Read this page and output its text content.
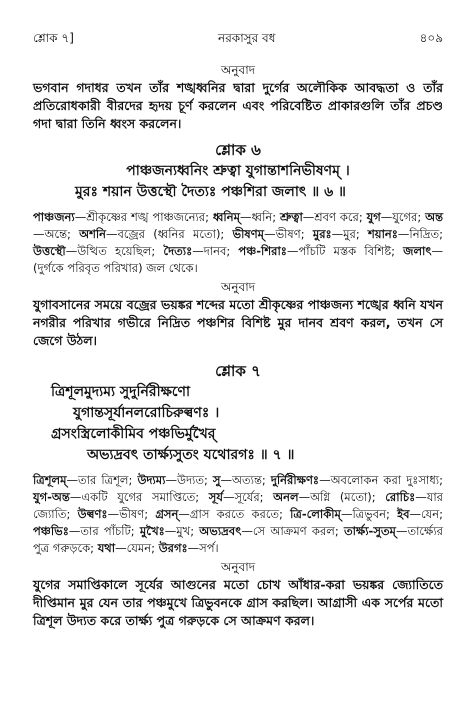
শ্লোক ৭]	নরকাসুর বধ	৪০৯

অনুবাদ

ভগবান গদাধর তখন তাঁর শঙ্খধ্বনির দ্বারা দুর্গের অলৌকিক আবদ্ধতা ও তাঁর প্রতিরোধকারী বীরদের হৃদয় চূর্ণ করলেন এবং পরিবেষ্টিত প্রাকারগুলি তাঁর প্রচণ্ড গদা দ্বারা তিনি ধ্বংস করলেন।

শ্লোক ৬

পাঞ্চজন্যধ্বনিং শ্রুত্বা যুগান্তাশনিভীষণম্ ।

মুরঃ শয়ান উত্তস্থৌ দৈত্যঃ পঞ্চশিরা জলাৎ ॥ ৬ ॥

পাঞ্চজন্য—শ্রীকৃষ্ণের শঙ্খ পাঞ্চজন্যের; ধ্বনিম্—ধ্বনি; শ্রুত্বা—শ্রবণ করে; যুগ—যুগের; অন্ত—অন্তে; অশনি—বজ্রের (ধ্বনির মতো); ভীষণম্—ভীষণ; মুরঃ—মুর; শয়ানঃ—নিদ্রিত; উত্তস্থৌ—উত্থিত হয়েছিল; দৈত্যঃ—দানব; পঞ্চ-শিরাঃ—পাঁচটি মস্তক বিশিষ্ট; জলাৎ—(দুর্গকে পরিবৃত পরিখার) জল থেকে।

অনুবাদ

যুগাবসানের সময়ে বজ্রের ভয়ঙ্কর শব্দের মতো শ্রীকৃষ্ণের পাঞ্চজন্য শঙ্খের ধ্বনি যখন নগরীর পরিখার গভীরে নিদ্রিত পঞ্চশির বিশিষ্ট মুর দানব শ্রবণ করল, তখন সে জেগে উঠল।

শ্লোক ৭

ত্রিশূলমুদ্যম্য সুদুর্নিরীক্ষণো

যুগান্তসূর্যানলরোচিরুল্বণঃ ।

গ্রসংস্ত্রিলোকীমিব পঞ্চভির্মুখৈর্

অভ্যদ্রবৎ তার্ক্ষ্যসুতং যথোরগঃ ॥ ৭ ॥

ত্রিশূলম্—তার ত্রিশূল; উদ্যম্য—উদ্যত; সু—অত্যন্ত; দুর্নিরীক্ষণঃ—অবলোকন করা দুঃসাধ্য; যুগ-অন্ত—একটি যুগের সমাপ্তিতে; সূর্য—সূর্যের; অনল—অগ্নি (মতো); রোচিঃ—যার জ্যোতি; উল্বণঃ—ভীষণ; গ্রসন্—গ্রাস করতে করতে; ত্রি-লোকীম্—ত্রিভুবন; ইব—যেন; পঞ্চভিঃ—তার পাঁচটি; মুখৈঃ—মুখ; অভ্যদ্রবৎ—সে আক্রমণ করল; তার্ক্ষ্য-সুতম্—তার্ক্ষ্যের পুত্র গরুড়কে; যথা—যেমন; উরগঃ—সর্প।

অনুবাদ

যুগের সমাপ্তিকালে সূর্যের আগুনের মতো চোখ আঁধার-করা ভয়ঙ্কর জ্যোতিতে দীপ্তিমান মুর যেন তার পঞ্চমুখে ত্রিভুবনকে গ্রাস করছিল। আগ্রাসী এক সর্পের মতো ত্রিশূল উদ্যত করে তার্ক্ষ্য পুত্র গরুড়কে সে আক্রমণ করল।
